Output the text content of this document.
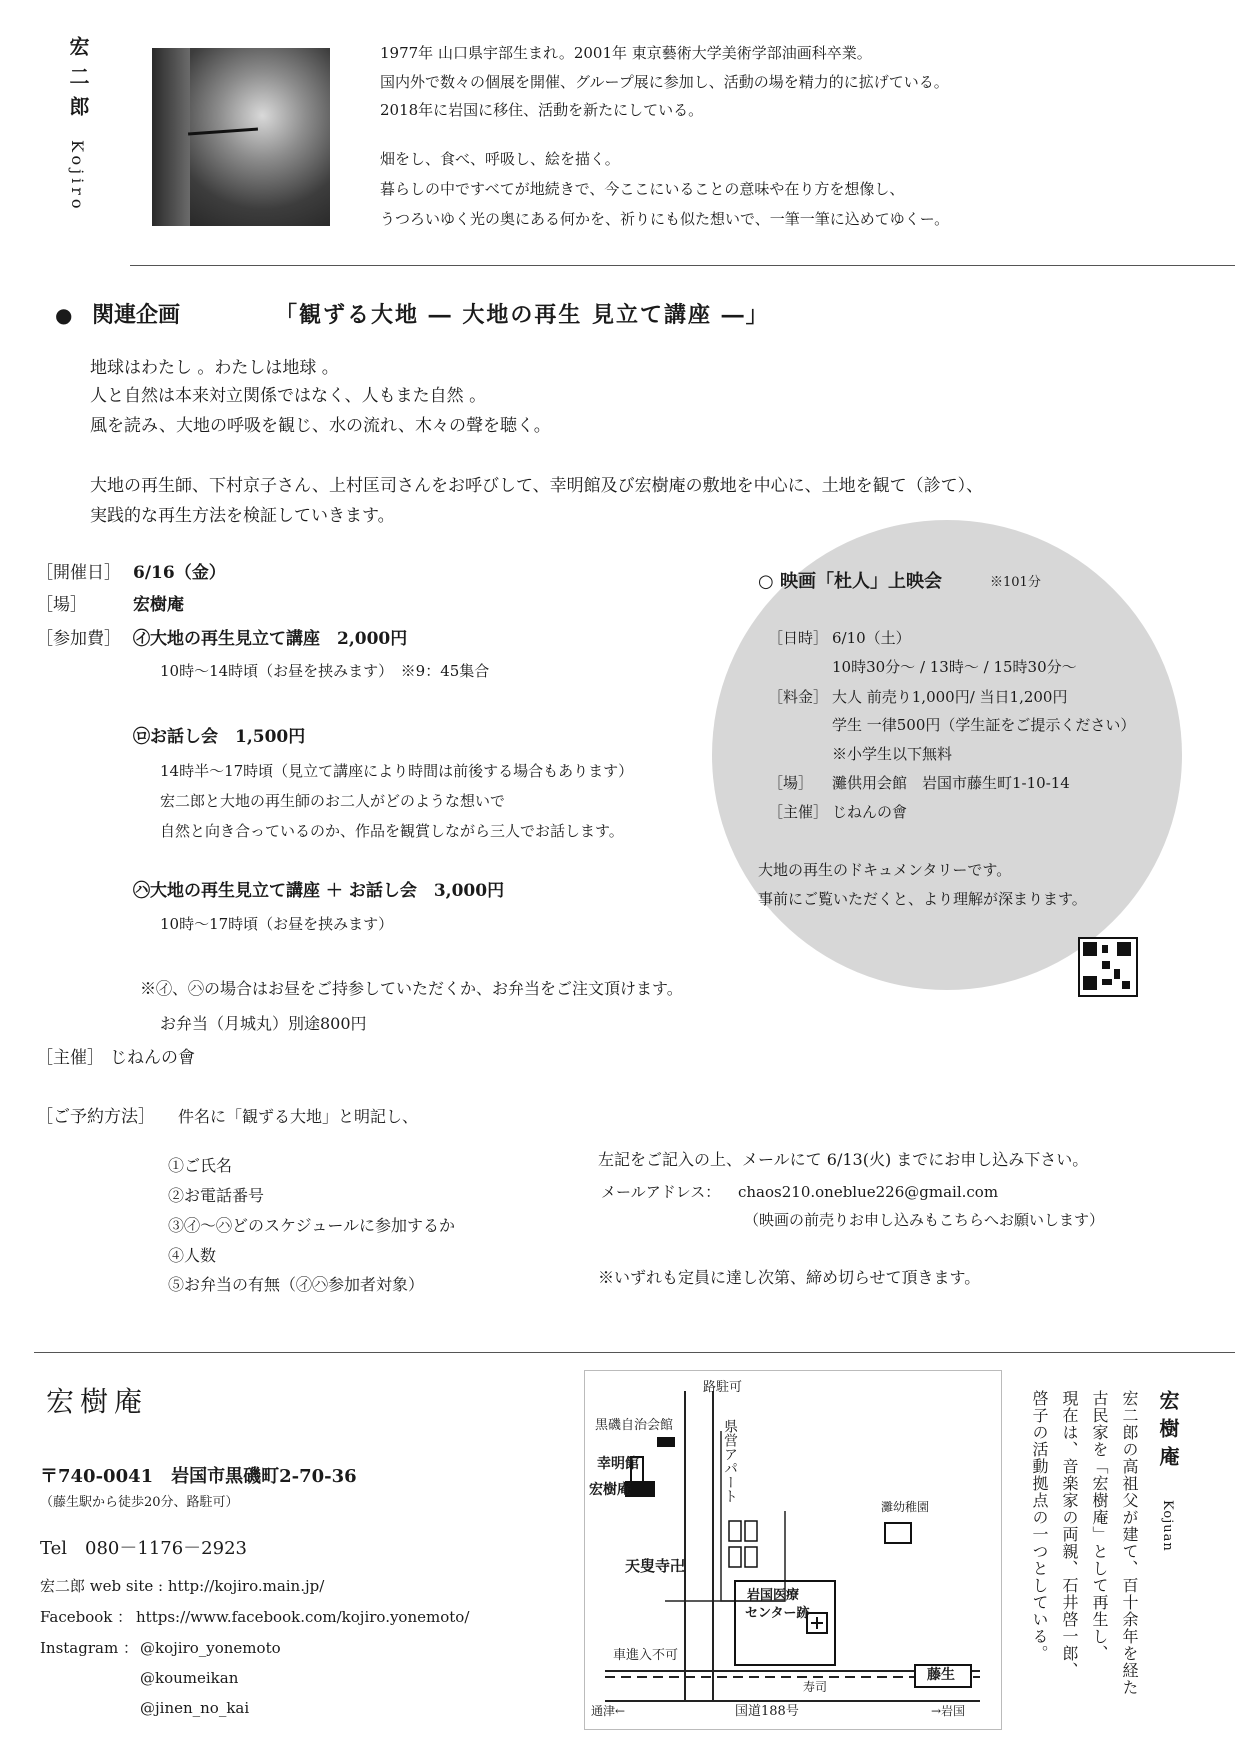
宏二郎
Kojiro
1977年 山口県宇部生まれ。2001年 東京藝術大学美術学部油画科卒業。
国内外で数々の個展を開催、グループ展に参加し、活動の場を精力的に拡げている。
2018年に岩国に移住、活動を新たにしている。
畑をし、食べ、呼吸し、絵を描く。
暮らしの中ですべてが地続きで、今ここにいることの意味や在り方を想像し、
うつろいゆく光の奥にある何かを、祈りにも似た想いで、一筆一筆に込めてゆくー。
● 関連企画	「観ずる大地 ― 大地の再生 見立て講座 ―」
地球はわたし 。わたしは地球 。
人と自然は本来対立関係ではなく、人もまた自然 。
風を読み、大地の呼吸を観じ、水の流れ、木々の聲を聴く。
大地の再生師、下村京子さん、上村匡司さんをお呼びして、幸明館及び宏樹庵の敷地を中心に、土地を観て（診て）、
実践的な再生方法を検証していきます。
○ 映画「杜人」上映会	※101分
［日時］ 6/10（土）
10時30分～ / 13時～ / 15時30分～
［料金］ 大人 前売り1,000円/ 当日1,200円
学生 一律500円（学生証をご提示ください）
※小学生以下無料
［場］ 灘供用会館　岩国市藤生町1-10-14
［主催］ じねんの會
大地の再生のドキュメンタリーです。
事前にご覧いただくと、より理解が深まります。
［開催日］ 6/16（金）
［場］	宏樹庵
［参加費］ ㋑大地の再生見立て講座　2,000円
10時～14時頃（お昼を挟みます）　※9：45集合
㋺お話し会　1,500円
14時半～17時頃（見立て講座により時間は前後する場合もあります）
宏二郎と大地の再生師のお二人がどのような想いで
自然と向き合っているのか、作品を観賞しながら三人でお話します。
㋩大地の再生見立て講座 ＋ お話し会　3,000円
10時～17時頃（お昼を挟みます）
※㋑、㋩の場合はお昼をご持参していただくか、お弁当をご注文頂けます。
お弁当（月城丸）別途800円
［主催］ じねんの會
［ご予約方法］ 件名に「観ずる大地」と明記し、
①ご氏名
②お電話番号
③㋑～㋩どのスケジュールに参加するか
④人数
⑤お弁当の有無（㋑㋩参加者対象）
左記をご記入の上、メールにて 6/13(火) までにお申し込み下さい。
メールアドレス： chaos210.oneblue226@gmail.com
（映画の前売りお申し込みもこちらへお願いします）
※いずれも定員に達し次第、締め切らせて頂きます。
宏樹庵
〒740-0041　岩国市黒磯町2-70-36
（藤生駅から徒歩20分、路駐可）
Tel　080－1176－2923
宏二郎 web site : http://kojiro.main.jp/
Facebook ： https://www.facebook.com/kojiro.yonemoto/
Instagram ： @kojiro_yonemoto
@koumeikan
@jinen_no_kai
路駐可
黒磯自治会館
幸明館
宏樹庵	県営アパート
天叟寺卍
灘幼稚園
岩国医療
センター跡
車進入不可
寿司
藤生
通津←	国道188号	→岩国
宏樹庵
Kojuan
宏二郎の高祖父が建て、百十余年を経た
古民家を「宏樹庵」として再生し、
現在は、音楽家の両親、石井啓一郎、
啓子の活動拠点の一つとしている。
